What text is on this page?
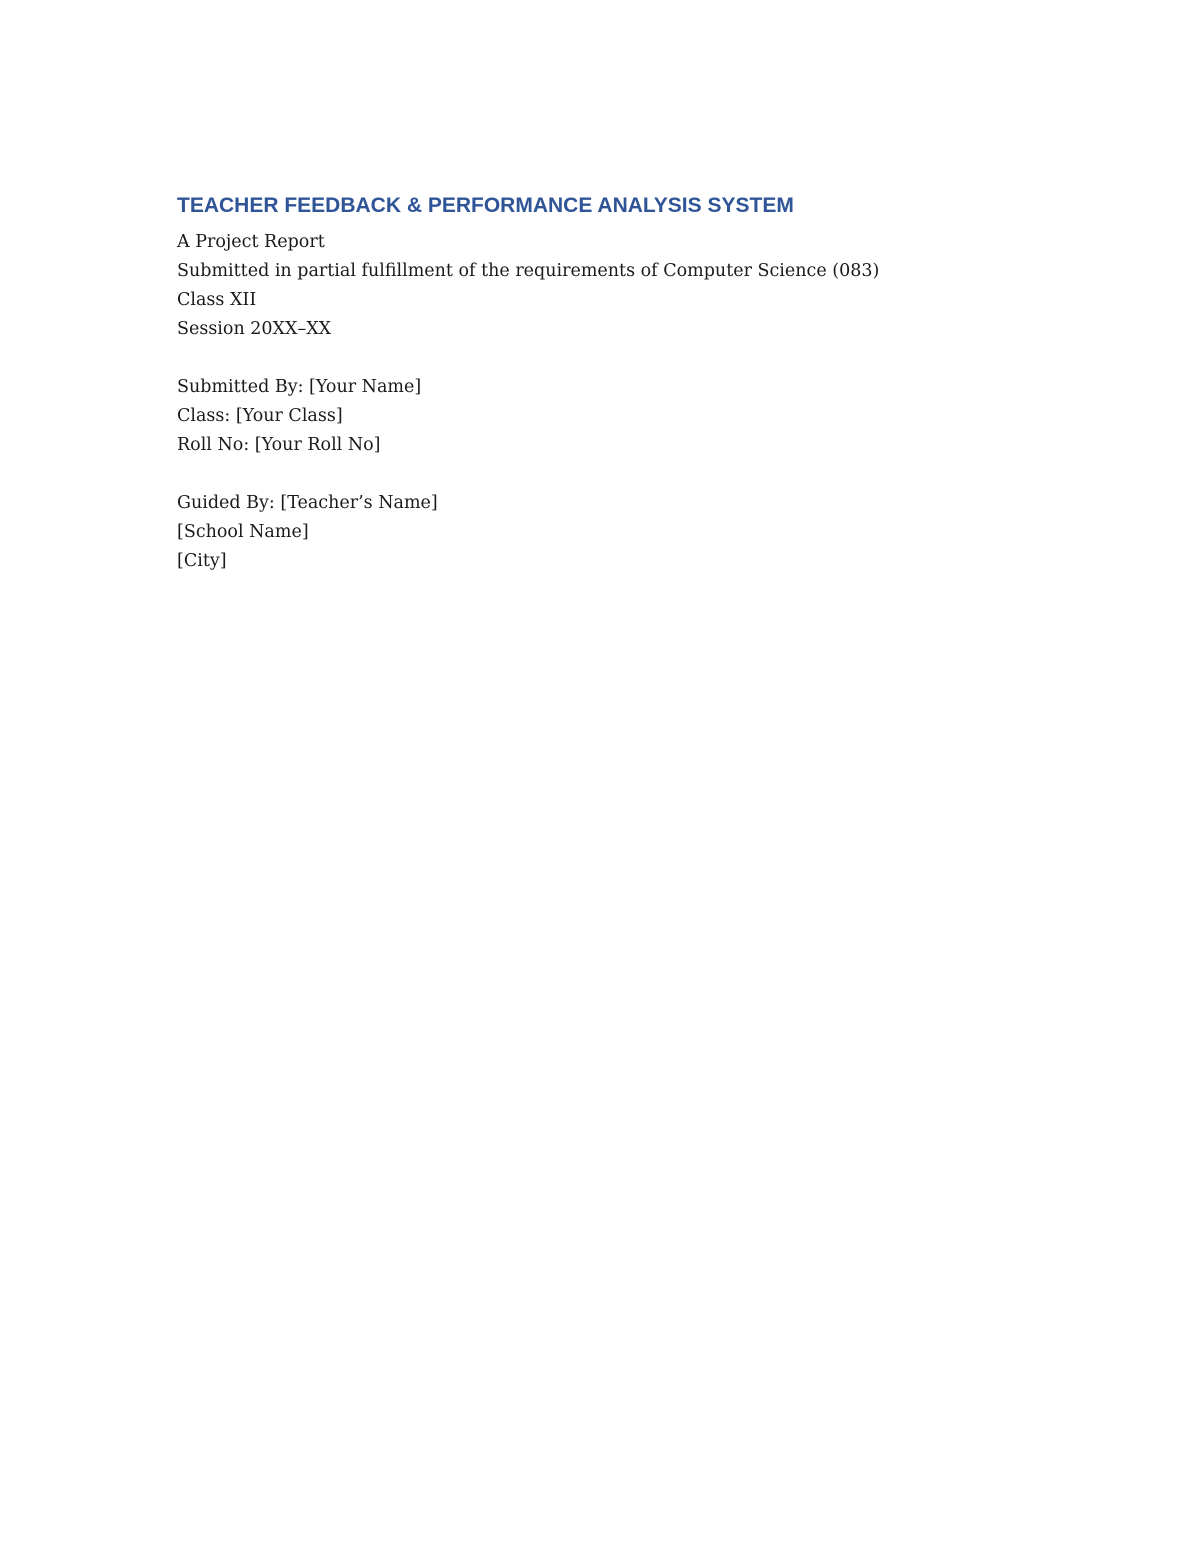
TEACHER FEEDBACK & PERFORMANCE ANALYSIS SYSTEM

A Project Report

Submitted in partial fulfillment of the requirements of Computer Science (083)

Class XII

Session 20XX–XX

Submitted By: [Your Name]

Class: [Your Class]

Roll No: [Your Roll No]

Guided By: [Teacher’s Name]

[School Name]

[City]
